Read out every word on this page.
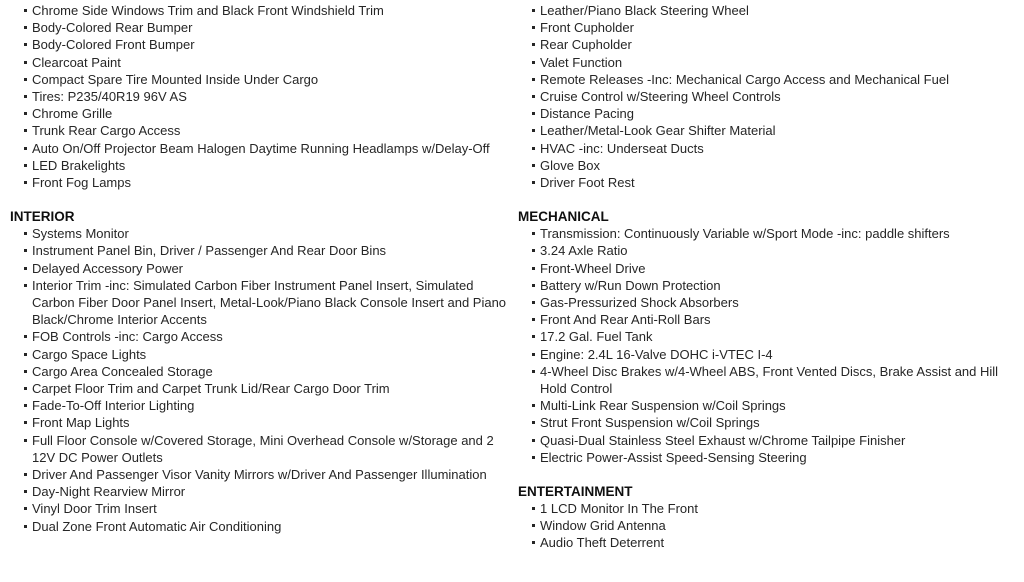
Chrome Side Windows Trim and Black Front Windshield Trim
Body-Colored Rear Bumper
Body-Colored Front Bumper
Clearcoat Paint
Compact Spare Tire Mounted Inside Under Cargo
Tires: P235/40R19 96V AS
Chrome Grille
Trunk Rear Cargo Access
Auto On/Off Projector Beam Halogen Daytime Running Headlamps w/Delay-Off
LED Brakelights
Front Fog Lamps
INTERIOR
Systems Monitor
Instrument Panel Bin, Driver / Passenger And Rear Door Bins
Delayed Accessory Power
Interior Trim -inc: Simulated Carbon Fiber Instrument Panel Insert, Simulated Carbon Fiber Door Panel Insert, Metal-Look/Piano Black Console Insert and Piano Black/Chrome Interior Accents
FOB Controls -inc: Cargo Access
Cargo Space Lights
Cargo Area Concealed Storage
Carpet Floor Trim and Carpet Trunk Lid/Rear Cargo Door Trim
Fade-To-Off Interior Lighting
Front Map Lights
Full Floor Console w/Covered Storage, Mini Overhead Console w/Storage and 2 12V DC Power Outlets
Driver And Passenger Visor Vanity Mirrors w/Driver And Passenger Illumination
Day-Night Rearview Mirror
Vinyl Door Trim Insert
Dual Zone Front Automatic Air Conditioning
Leather/Piano Black Steering Wheel
Front Cupholder
Rear Cupholder
Valet Function
Remote Releases -Inc: Mechanical Cargo Access and Mechanical Fuel
Cruise Control w/Steering Wheel Controls
Distance Pacing
Leather/Metal-Look Gear Shifter Material
HVAC -inc: Underseat Ducts
Glove Box
Driver Foot Rest
MECHANICAL
Transmission: Continuously Variable w/Sport Mode -inc: paddle shifters
3.24 Axle Ratio
Front-Wheel Drive
Battery w/Run Down Protection
Gas-Pressurized Shock Absorbers
Front And Rear Anti-Roll Bars
17.2 Gal. Fuel Tank
Engine: 2.4L 16-Valve DOHC i-VTEC I-4
4-Wheel Disc Brakes w/4-Wheel ABS, Front Vented Discs, Brake Assist and Hill Hold Control
Multi-Link Rear Suspension w/Coil Springs
Strut Front Suspension w/Coil Springs
Quasi-Dual Stainless Steel Exhaust w/Chrome Tailpipe Finisher
Electric Power-Assist Speed-Sensing Steering
ENTERTAINMENT
1 LCD Monitor In The Front
Window Grid Antenna
Audio Theft Deterrent
